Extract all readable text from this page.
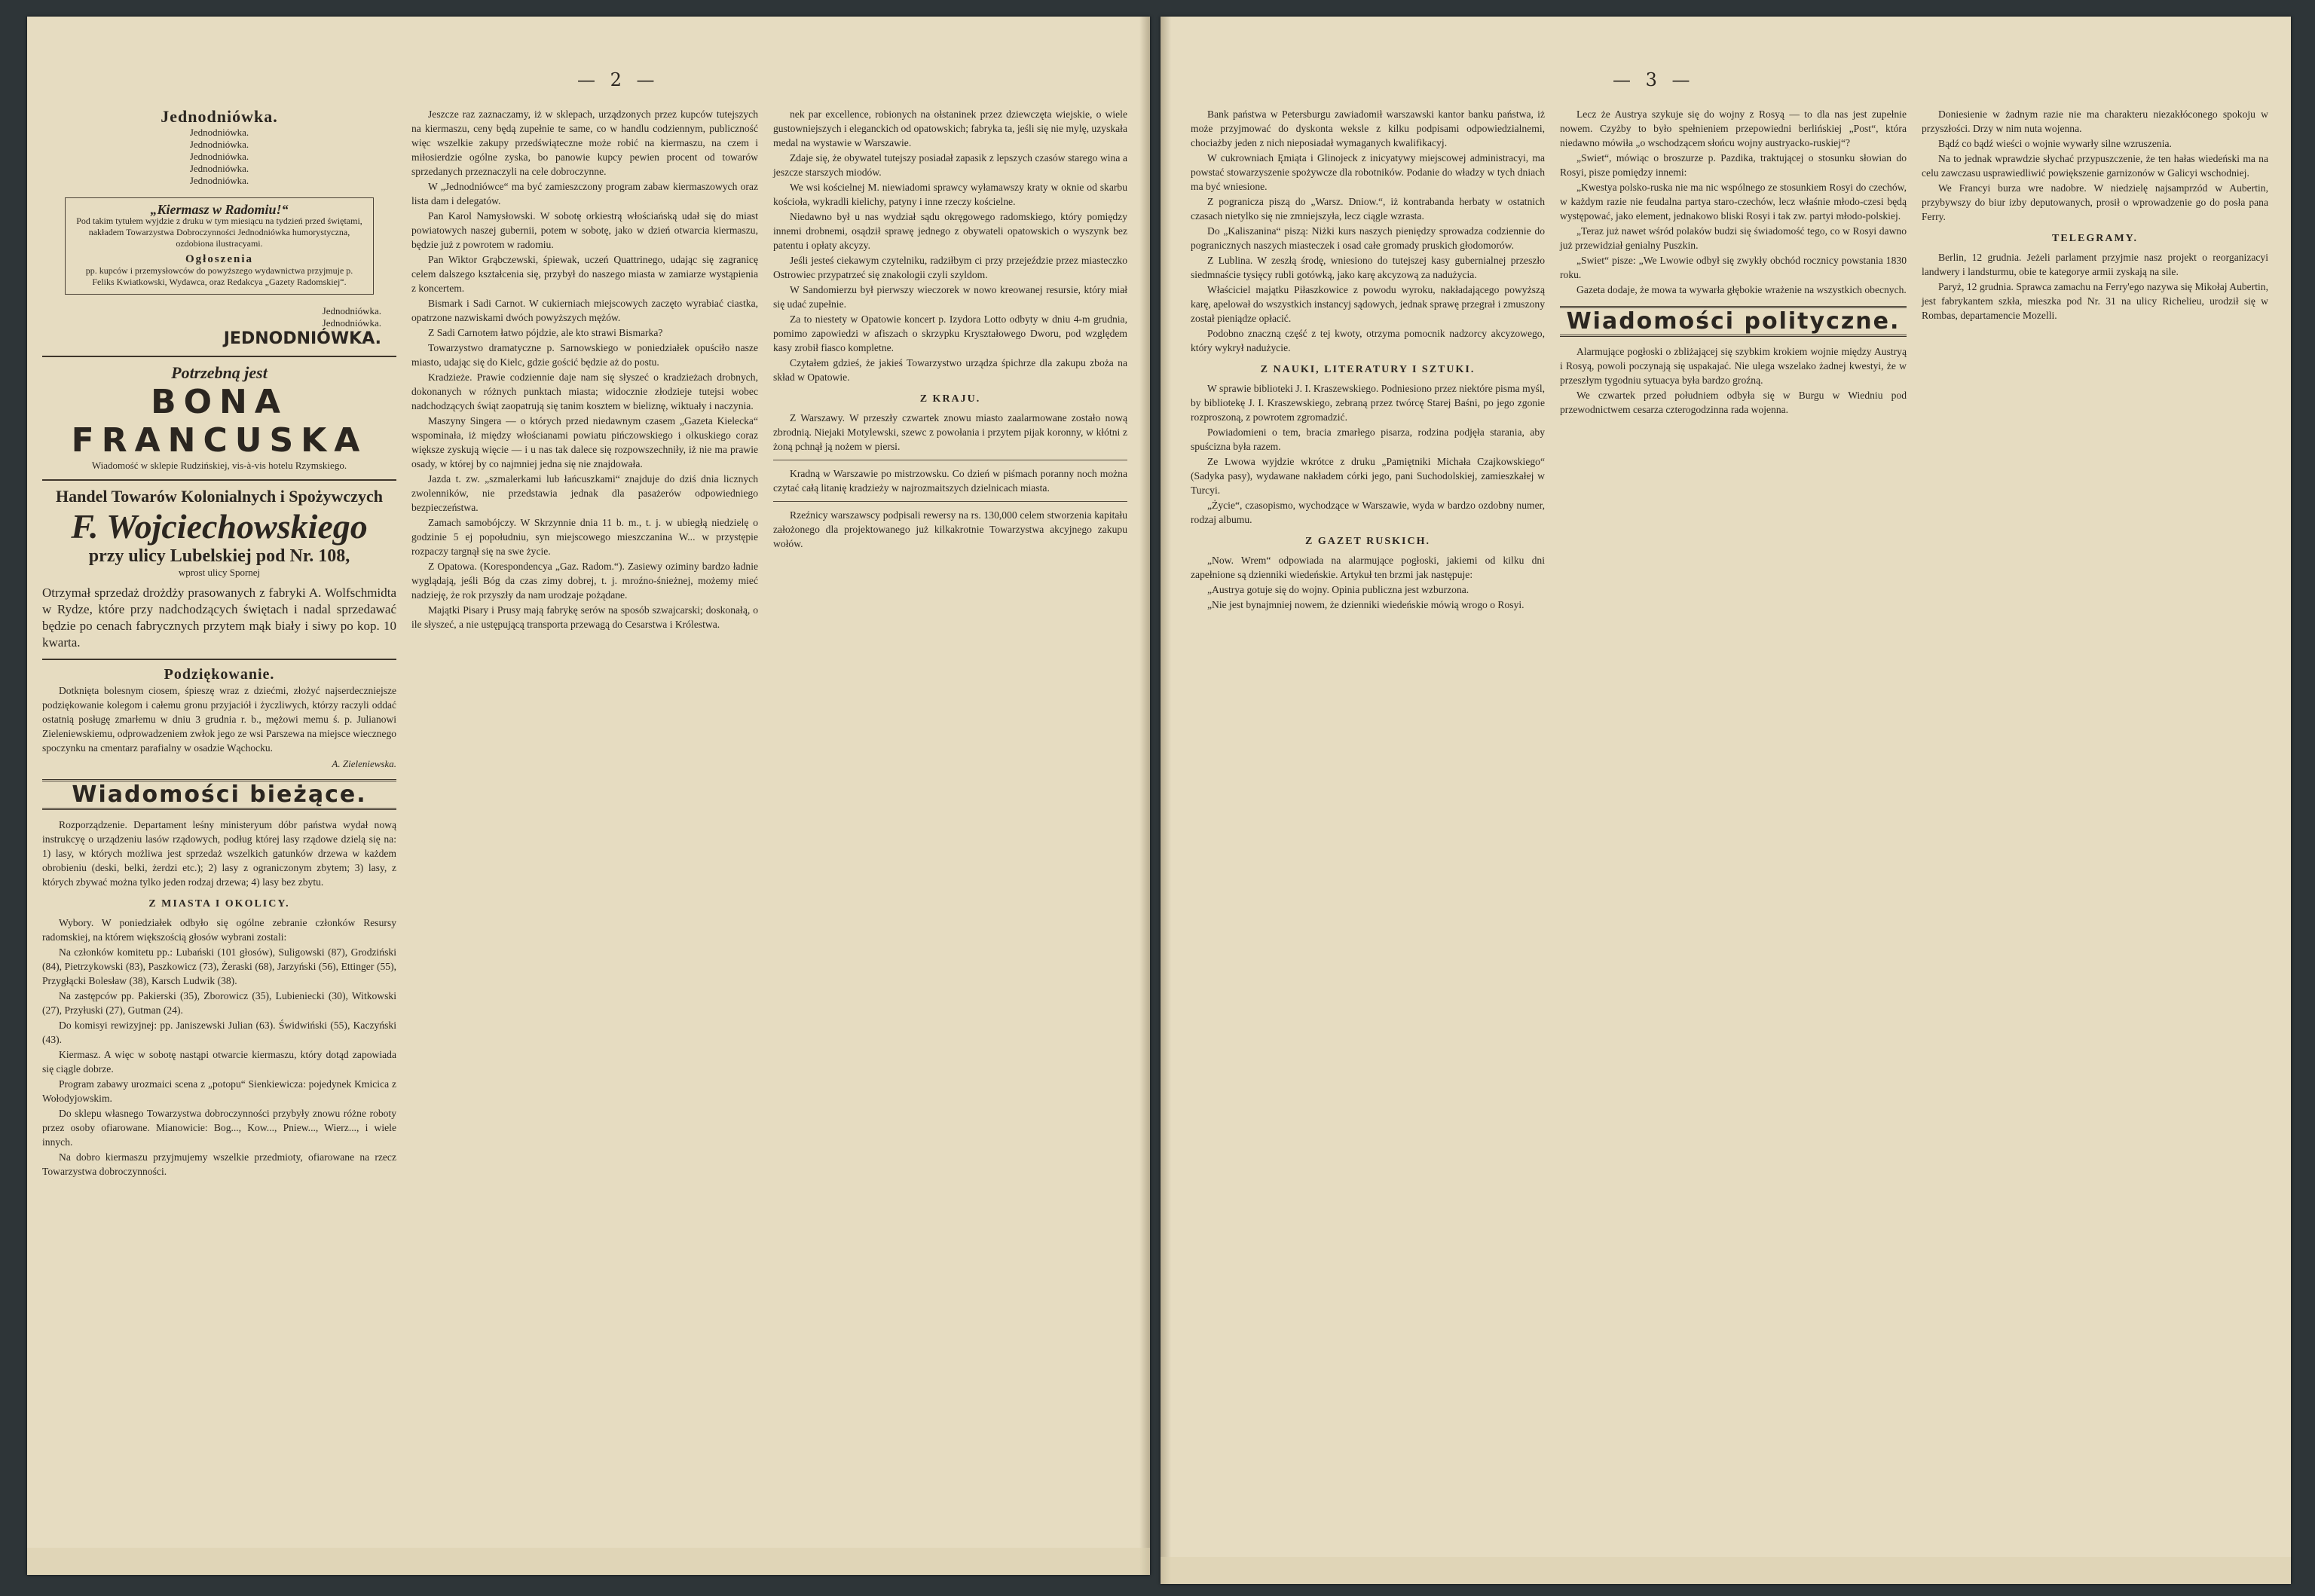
— 2 —
Jednodniówka.
Jednodniówka.
Jednodniówka.
Jednodniówka.
Jednodniówka.
Jednodniówka.
„Kiermasz w Radomiu!“
Pod takim tytułem wyjdzie z druku w tym miesiącu na tydzień przed świętami, nakładem Towarzystwa Dobroczynności Jednodniówka humorystyczna, ozdobiona ilustracyami.
Ogłoszenia
pp. kupców i przemysłowców do powyższego wydawnictwa przyjmuje p. Feliks Kwiatkowski, Wydawca, oraz Redakcya „Gazety Radomskiej“.
Jednodniówka.
Jednodniówka.
JEDNODNIÓWKA.
Potrzebną jest
BONA FRANCUSKA
Wiadomość w sklepie Rudzińskiej, vis-à-vis hotelu Rzymskiego.
Handel Towarów Kolonialnych i Spożywczych
F. Wojciechowskiego
przy ulicy Lubelskiej pod Nr. 108,
wprost ulicy Spornej
Otrzymał sprzedaż drożdży prasowanych z fabryki A. Wolfschmidta w Rydze, które przy nadchodzących świętach i nadal sprzedawać będzie po cenach fabrycznych przytem mąk biały i siwy po kop. 10 kwarta.
Podziękowanie.
Dotknięta bolesnym ciosem, śpieszę wraz z dziećmi, złożyć najserdeczniejsze podziękowanie kolegom i całemu gronu przyjaciół i życzliwych, którzy raczyli oddać ostatnią posługę zmarłemu w dniu 3 grudnia r. b., mężowi memu ś. p. Julianowi Zieleniewskiemu, odprowadzeniem zwłok jego ze wsi Parszewa na miejsce wiecznego spoczynku na cmentarz parafialny w osadzie Wąchocku.
A. Zieleniewska.
Wiadomości bieżące.

Rozporządzenie. Departament leśny ministeryum dóbr państwa wydał nową instrukcyę o urządzeniu lasów rządowych, podług której lasy rządowe dzielą się na: 1) lasy, w których możliwa jest sprzedaż wszelkich gatunków drzewa w każdem obrobieniu (deski, belki, żerdzi etc.); 2) lasy z ograniczonym zbytem; 3) lasy, z których zbywać można tylko jeden rodzaj drzewa; 4) lasy bez zbytu.

Z MIASTA I OKOLICY.

Wybory. W poniedziałek odbyło się ogólne zebranie członków Resursy radomskiej, na którem większością głosów wybrani zostali:

Na członków komitetu pp.: Lubański (101 głosów), Suligowski (87), Grodziński (84), Pietrzykowski (83), Paszkowicz (73), Żeraski (68), Jarzyński (56), Ettinger (55), Przygłącki Bolesław (38), Karsch Ludwik (38).

Na zastępców pp. Pakierski (35), Zborowicz (35), Lubieniecki (30), Witkowski (27), Przyłuski (27), Gutman (24).

Do komisyi rewizyjnej: pp. Janiszewski Julian (63). Świdwiński (55), Kaczyński (43).

Kiermasz. A więc w sobotę nastąpi otwarcie kiermaszu, który dotąd zapowiada się ciągle dobrze.

Program zabawy urozmaici scena z „potopu“ Sienkiewicza: pojedynek Kmicica z Wołodyjowskim.

Do sklepu własnego Towarzystwa dobroczynności przybyły znowu różne roboty przez osoby ofiarowane. Mianowicie: Bog..., Kow..., Pniew..., Wierz..., i wiele innych.

Na dobro kiermaszu przyjmujemy wszelkie przedmioty, ofiarowane na rzecz Towarzystwa dobroczynności.

Jeszcze raz zaznaczamy, iż w sklepach, urządzonych przez kupców tutejszych na kiermaszu, ceny będą zupełnie te same, co w handlu codziennym, publiczność więc wszelkie zakupy przedświąteczne może robić na kiermaszu, na czem i miłosierdzie ogólne zyska, bo panowie kupcy pewien procent od towarów sprzedanych przeznaczyli na cele dobroczynne.

W „Jednodniówce“ ma być zamieszczony program zabaw kiermaszowych oraz lista dam i delegatów.

Pan Karol Namysłowski. W sobotę orkiestrą włościańską udał się do miast powiatowych naszej gubernii, potem w sobotę, jako w dzień otwarcia kiermaszu, będzie już z powrotem w radomiu.

Pan Wiktor Grąbczewski, śpiewak, uczeń Quattrinego, udając się zagranicę celem dalszego kształcenia się, przybył do naszego miasta w zamiarze wystąpienia z koncertem.

Bismark i Sadi Carnot. W cukierniach miejscowych zaczęto wyrabiać ciastka, opatrzone nazwiskami dwóch powyższych mężów.

Z Sadi Carnotem łatwo pójdzie, ale kto strawi Bismarka?

Towarzystwo dramatyczne p. Sarnowskiego w poniedziałek opuściło nasze miasto, udając się do Kielc, gdzie gościć będzie aż do postu.

Kradzieże. Prawie codziennie daje nam się słyszeć o kradzieżach drobnych, dokonanych w różnych punktach miasta; widocznie złodzieje tutejsi wobec nadchodzących świąt zaopatrują się tanim kosztem w bieliznę, wiktuały i naczynia.

Maszyny Singera — o których przed niedawnym czasem „Gazeta Kielecka“ wspominała, iż między włościanami powiatu pińczowskiego i olkuskiego coraz większe zyskują więcie — i u nas tak dalece się rozpowszechniły, iż nie ma prawie osady, w której by co najmniej jedna się nie znajdowała.

Jazda t. zw. „szmalerkami lub łańcuszkami“ znajduje do dziś dnia licznych zwolenników, nie przedstawia jednak dla pasażerów odpowiedniego bezpieczeństwa.

Zamach samobójczy. W Skrzynnie dnia 11 b. m., t. j. w ubiegłą niedzielę o godzinie 5 ej popołudniu, syn miejscowego mieszczanina W... w przystępie rozpaczy targnął się na swe życie.

Z Opatowa. (Korespondencya „Gaz. Radom.“). Zasiewy oziminy bardzo ładnie wyglądają, jeśli Bóg da czas zimy dobrej, t. j. mroźno-śnieżnej, możemy mieć nadzieję, że rok przyszły da nam urodzaje pożądane.

Majątki Pisary i Prusy mają fabrykę serów na sposób szwajcarski; doskonałą, o ile słyszeć, a nie ustępującą transporta przewagą do Cesarstwa i Królestwa.

nek par excellence, robionych na ołstaninek przez dziewczęta wiejskie, o wiele gustowniejszych i eleganckich od opatowskich; fabryka ta, jeśli się nie mylę, uzyskała medal na wystawie w Warszawie.

Zdaje się, że obywatel tutejszy posiadał zapasik z lepszych czasów starego wina a jeszcze starszych miodów.

We wsi kościelnej M. niewiadomi sprawcy wyłamawszy kraty w oknie od skarbu kościoła, wykradli kielichy, patyny i inne rzeczy kościelne.

Niedawno był u nas wydział sądu okręgowego radomskiego, który pomiędzy innemi drobnemi, osądził sprawę jednego z obywateli opatowskich o wyszynk bez patentu i opłaty akcyzy.

Jeśli jesteś ciekawym czytelniku, radziłbym ci przy przejeździe przez miasteczko Ostrowiec przypatrzeć się znakologii czyli szyldom.

W Sandomierzu był pierwszy wieczorek w nowo kreowanej resursie, który miał się udać zupełnie.

Za to niestety w Opatowie koncert p. Izydora Lotto odbyty w dniu 4-m grudnia, pomimo zapowiedzi w afiszach o skrzypku Kryształowego Dworu, pod względem kasy zrobił fiasco kompletne.

Czytałem gdzieś, że jakieś Towarzystwo urządza śpichrze dla zakupu zboża na skład w Opatowie.

Z KRAJU.

Z Warszawy. W przeszły czwartek znowu miasto zaalarmowane zostało nową zbrodnią. Niejaki Motylewski, szewc z powołania i przytem pijak koronny, w kłótni z żoną pchnął ją nożem w piersi.

Kradną w Warszawie po mistrzowsku. Co dzień w piśmach poranny noch można czytać całą litanię kradzieży w najrozmaitszych dzielnicach miasta.

Rzeźnicy warszawscy podpisali rewersy na rs. 130,000 celem stworzenia kapitału założonego dla projektowanego już kilkakrotnie Towarzystwa akcyjnego zakupu wołów.

— 3 —

Bank państwa w Petersburgu zawiadomił warszawski kantor banku państwa, iż może przyjmować do dyskonta weksle z kilku podpisami odpowiedzialnemi, chociażby jeden z nich nieposiadał wymaganych kwalifikacyj.

W cukrowniach Ęmiąta i Glinojeck z inicyatywy miejscowej administracyi, ma powstać stowarzyszenie spożywcze dla robotników. Podanie do władzy w tych dniach ma być wniesione.

Z pogranicza piszą do „Warsz. Dniow.“, iż kontrabanda herbaty w ostatnich czasach nietylko się nie zmniejszyła, lecz ciągle wzrasta.

Do „Kaliszanina“ piszą: Niżki kurs naszych pieniędzy sprowadza codziennie do pogranicznych naszych miasteczek i osad całe gromady pruskich głodomorów.

Z Lublina. W zeszłą środę, wniesiono do tutejszej kasy gubernialnej przeszło siedmnaście tysięcy rubli gotówką, jako karę akcyzową za nadużycia.

Właściciel majątku Piłaszkowice z powodu wyroku, nakładającego powyższą karę, apelował do wszystkich instancyj sądowych, jednak sprawę przegrał i zmuszony został pieniądze opłacić.

Podobno znaczną część z tej kwoty, otrzyma pomocnik nadzorcy akcyzowego, który wykrył nadużycie.

Z NAUKI, LITERATURY I SZTUKI.

W sprawie biblioteki J. I. Kraszewskiego. Podniesiono przez niektóre pisma myśl, by bibliotekę J. I. Kraszewskiego, zebraną przez twórcę Starej Baśni, po jego zgonie rozproszoną, z powrotem zgromadzić.

Powiadomieni o tem, bracia zmarłego pisarza, rodzina podjęła starania, aby spuścizna była razem.

Ze Lwowa wyjdzie wkrótce z druku „Pamiętniki Michała Czajkowskiego“ (Sadyka pasy), wydawane nakładem córki jego, pani Suchodolskiej, zamieszkałej w Turcyi.

„Życie“, czasopismo, wychodzące w Warszawie, wyda w bardzo ozdobny numer, rodzaj albumu.

Z GAZET RUSKICH.

„Now. Wrem“ odpowiada na alarmujące pogłoski, jakiemi od kilku dni zapełnione są dzienniki wiedeńskie. Artykuł ten brzmi jak następuje:

„Austrya gotuje się do wojny. Opinia publiczna jest wzburzona.

„Nie jest bynajmniej nowem, że dzienniki wiedeńskie mówią wrogo o Rosyi.

Lecz że Austrya szykuje się do wojny z Rosyą — to dla nas jest zupełnie nowem. Czyżby to było spełnieniem przepowiedni berlińskiej „Post“, która niedawno mówiła „o wschodzącem słońcu wojny austryacko-ruskiej“?

„Swiet“, mówiąc o broszurze p. Pazdika, traktującej o stosunku słowian do Rosyi, pisze pomiędzy innemi:

„Kwestya polsko-ruska nie ma nic wspólnego ze stosunkiem Rosyi do czechów, w każdym razie nie feudalna partya staro-czechów, lecz właśnie młodo-czesi będą występować, jako element, jednakowo bliski Rosyi i tak zw. partyi młodo-polskiej.

„Teraz już nawet wśród polaków budzi się świadomość tego, co w Rosyi dawno już przewidział genialny Puszkin.

„Swiet“ pisze: „We Lwowie odbył się zwykły obchód rocznicy powstania 1830 roku.

Gazeta dodaje, że mowa ta wywarła głębokie wrażenie na wszystkich obecnych.

Wiadomości polityczne.

Alarmujące pogłoski o zbliżającej się szybkim krokiem wojnie między Austryą i Rosyą, powoli poczynają się uspakajać. Nie ulega wszelako żadnej kwestyi, że w przeszłym tygodniu sytuacya była bardzo groźną.

We czwartek przed południem odbyła się w Burgu w Wiedniu pod przewodnictwem cesarza czterogodzinna rada wojenna.

Doniesienie w żadnym razie nie ma charakteru niezakłóconego spokoju w przyszłości. Drzy w nim nuta wojenna.

Bądź co bądź wieści o wojnie wywarły silne wzruszenia.

Na to jednak wprawdzie słychać przypuszczenie, że ten hałas wiedeński ma na celu zawczasu usprawiedliwić powiększenie garnizonów w Galicyi wschodniej.

We Francyi burza wre nadobre. W niedzielę najsamprzód w Aubertin, przybywszy do biur izby deputowanych, prosił o wprowadzenie go do posła pana Ferry.

TELEGRAMY.

Berlin, 12 grudnia. Jeżeli parlament przyjmie nasz projekt o reorganizacyi landwery i landsturmu, obie te kategorye armii zyskają na sile.

Paryż, 12 grudnia. Sprawca zamachu na Ferry'ego nazywa się Mikołaj Aubertin, jest fabrykantem szkła, mieszka pod Nr. 31 na ulicy Richelieu, urodził się w Rombas, departamencie Mozelli.
